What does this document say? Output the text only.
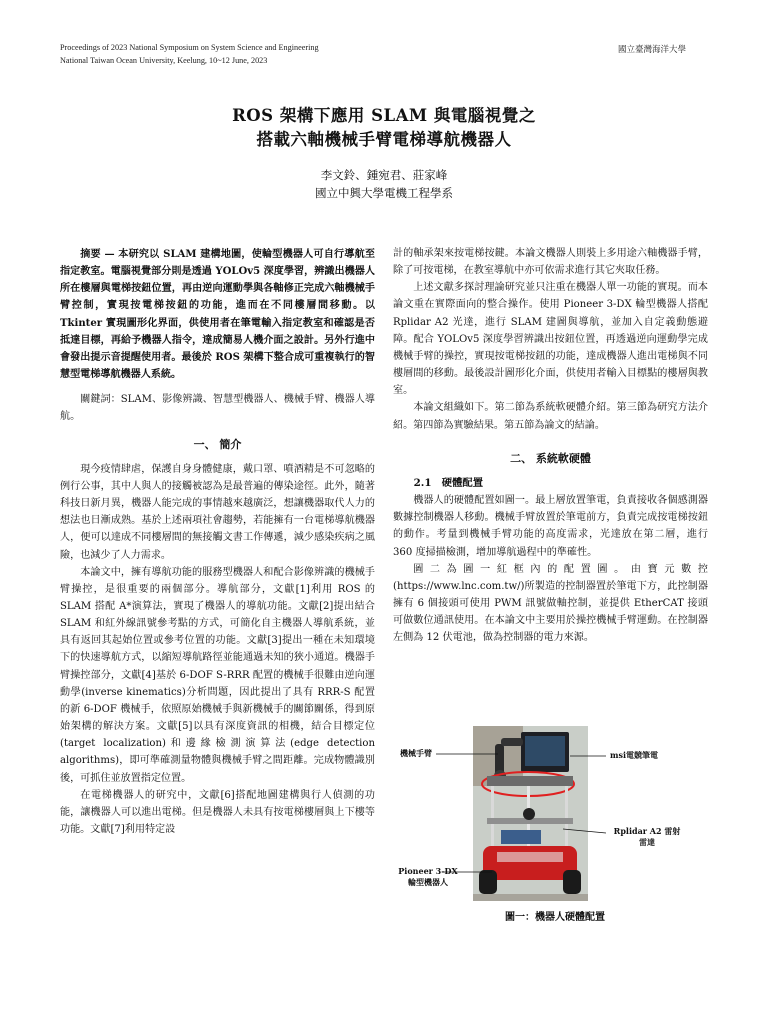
Proceedings of 2023 National Symposium on System Science and Engineering
National Taiwan Ocean University, Keelung, 10~12 June, 2023
國立臺灣海洋大學
ROS 架構下應用 SLAM 與電腦視覺之
搭載六軸機械手臂電梯導航機器人
李文鈴、鍾宛君、莊家峰
國立中興大學電機工程學系

摘要 — 本研究以 SLAM 建構地圖，使輪型機器人可自行導航至指定教室。電腦視覺部分則是透過 YOLOv5 深度學習，辨識出機器人所在樓層與電梯按鈕位置，再由逆向運動學與各軸修正完成六軸機械手臂控制，實現按電梯按鈕的功能，進而在不同樓層間移動。以 Tkinter 實現圖形化界面，供使用者在筆電輸入指定教室和確認是否抵達目標，再給予機器人指令，達成簡易人機介面之設計。另外行進中會發出提示音提醒使用者。最後於 ROS 架構下整合成可重複執行的智慧型電梯導航機器人系統。

關鍵詞：SLAM、影像辨識、智慧型機器人、機械手臂、機器人導航。

一、 簡介

現今疫情肆虐，保護自身身體健康，戴口罩、噴酒精是不可忽略的例行公事，其中人與人的接觸被認為是最普遍的傳染途徑。此外，隨著科技日新月異，機器人能完成的事情越來越廣泛，想讓機器取代人力的想法也日漸成熟。基於上述兩項社會趨勢，若能擁有一台電梯導航機器人，便可以達成不同樓層間的無接觸文書工作傳遞，減少感染疾病之風險，也減少了人力需求。

本論文中，擁有導航功能的服務型機器人和配合影像辨識的機械手臂操控，是很重要的兩個部分。導航部分，文獻[1]利用 ROS 的 SLAM 搭配 A*演算法，實現了機器人的導航功能。文獻[2]提出結合 SLAM 和紅外線訊號參考點的方式，可簡化自主機器人導航系統，並具有返回其起始位置或參考位置的功能。文獻[3]提出一種在未知環境下的快速導航方式，以縮短導航路徑並能通過未知的狹小通道。機器手臂操控部分，文獻[4]基於 6-DOF S-RRR 配置的機械手很難由逆向運動學(inverse kinematics)分析問題，因此提出了具有 RRR-S 配置的新 6-DOF 機械手，依照原始機械手與新機械手的關節關係，得到原始架構的解決方案。文獻[5]以具有深度資訊的相機，結合目標定位(target localization)和邊緣檢測演算法(edge detection algorithms)，即可準確測量物體與機械手臂之間距離。完成物體識別後，可抓住並放置指定位置。

在電梯機器人的研究中，文獻[6]搭配地圖建構與行人偵測的功能，讓機器人可以進出電梯。但是機器人未具有按電梯樓層與上下樓等功能。文獻[7]利用特定設

計的軸承架來按電梯按鍵。本論文機器人則裝上多用途六軸機器手臂，除了可按電梯，在教室導航中亦可依需求進行其它夾取任務。

上述文獻多探討理論研究並只注重在機器人單一功能的實現。而本論文重在實際面向的整合操作。使用 Pioneer 3-DX 輪型機器人搭配 Rplidar A2 光達，進行 SLAM 建圖與導航，並加入自定義動態避障。配合 YOLOv5 深度學習辨識出按鈕位置，再透過逆向運動學完成機械手臂的操控，實現按電梯按鈕的功能，達成機器人進出電梯與不同樓層間的移動。最後設計圖形化介面，供使用者輸入目標點的樓層與教室。

本論文組織如下。第二節為系統軟硬體介紹。第三節為研究方法介紹。第四節為實驗結果。第五節為論文的結論。

二、 系統軟硬體

2.1　硬體配置

機器人的硬體配置如圖一。最上層放置筆電，負責接收各個感測器數據控制機器人移動。機械手臂放置於筆電前方，負責完成按電梯按鈕的動作。考量到機械手臂功能的高度需求，光達放在第二層，進行 360 度掃描檢測，增加導航過程中的準確性。

圖二為圖一紅框內的配置圖。由寶元數控(https://www.lnc.com.tw/)所製造的控制器置於筆電下方，此控制器擁有 6 個接頭可使用 PWM 訊號做軸控制，並提供 EtherCAT 接頭可做數位通訊使用。在本論文中主要用於操控機械手臂運動。在控制器左側為 12 伏電池，做為控制器的電力來源。

機械手臂	msi電競筆電
Rplidar A2 雷射雷達
Pioneer 3-DX 輪型機器人
圖一：機器人硬體配置
